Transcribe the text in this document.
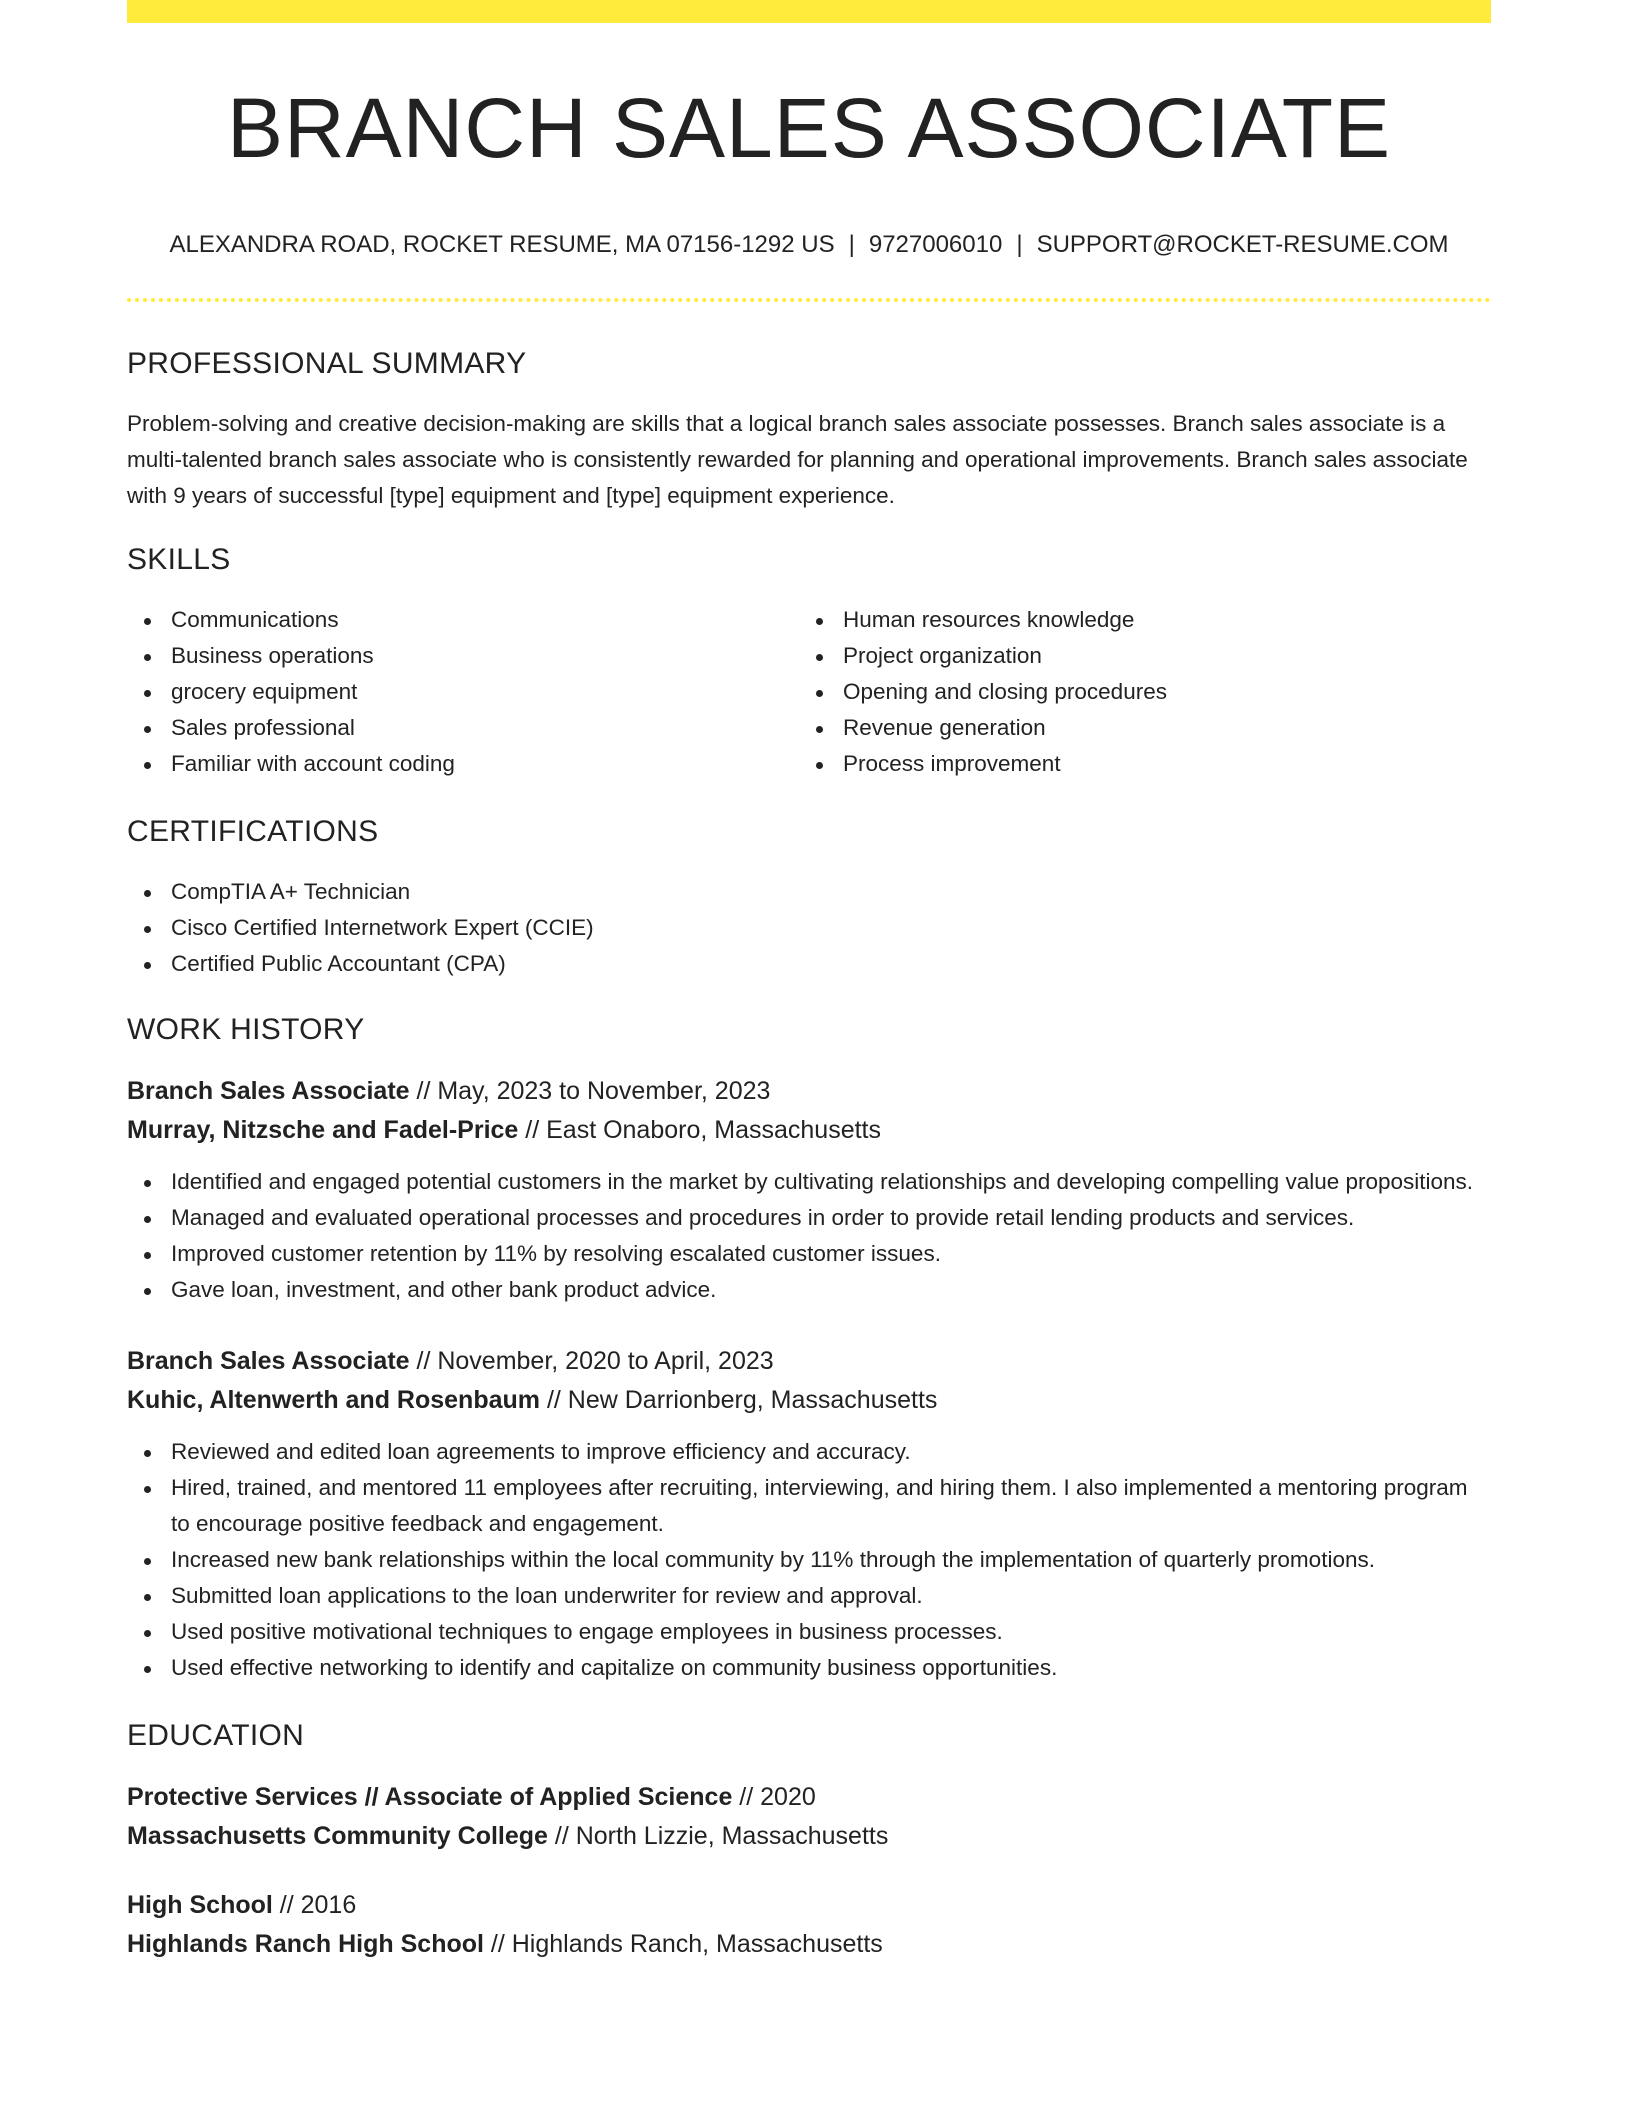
BRANCH SALES ASSOCIATE
ALEXANDRA ROAD, ROCKET RESUME, MA 07156-1292 US | 9727006010 | SUPPORT@ROCKET-RESUME.COM
PROFESSIONAL SUMMARY
Problem-solving and creative decision-making are skills that a logical branch sales associate possesses. Branch sales associate is a multi-talented branch sales associate who is consistently rewarded for planning and operational improvements. Branch sales associate with 9 years of successful [type] equipment and [type] equipment experience.
SKILLS
Communications
Business operations
grocery equipment
Sales professional
Familiar with account coding
Human resources knowledge
Project organization
Opening and closing procedures
Revenue generation
Process improvement
CERTIFICATIONS
CompTIA A+ Technician
Cisco Certified Internetwork Expert (CCIE)
Certified Public Accountant (CPA)
WORK HISTORY
Branch Sales Associate // May, 2023 to November, 2023
Murray, Nitzsche and Fadel-Price // East Onaboro, Massachusetts
Identified and engaged potential customers in the market by cultivating relationships and developing compelling value propositions.
Managed and evaluated operational processes and procedures in order to provide retail lending products and services.
Improved customer retention by 11% by resolving escalated customer issues.
Gave loan, investment, and other bank product advice.
Branch Sales Associate // November, 2020 to April, 2023
Kuhic, Altenwerth and Rosenbaum // New Darrionberg, Massachusetts
Reviewed and edited loan agreements to improve efficiency and accuracy.
Hired, trained, and mentored 11 employees after recruiting, interviewing, and hiring them. I also implemented a mentoring program to encourage positive feedback and engagement.
Increased new bank relationships within the local community by 11% through the implementation of quarterly promotions.
Submitted loan applications to the loan underwriter for review and approval.
Used positive motivational techniques to engage employees in business processes.
Used effective networking to identify and capitalize on community business opportunities.
EDUCATION
Protective Services // Associate of Applied Science // 2020
Massachusetts Community College // North Lizzie, Massachusetts
High School // 2016
Highlands Ranch High School // Highlands Ranch, Massachusetts
